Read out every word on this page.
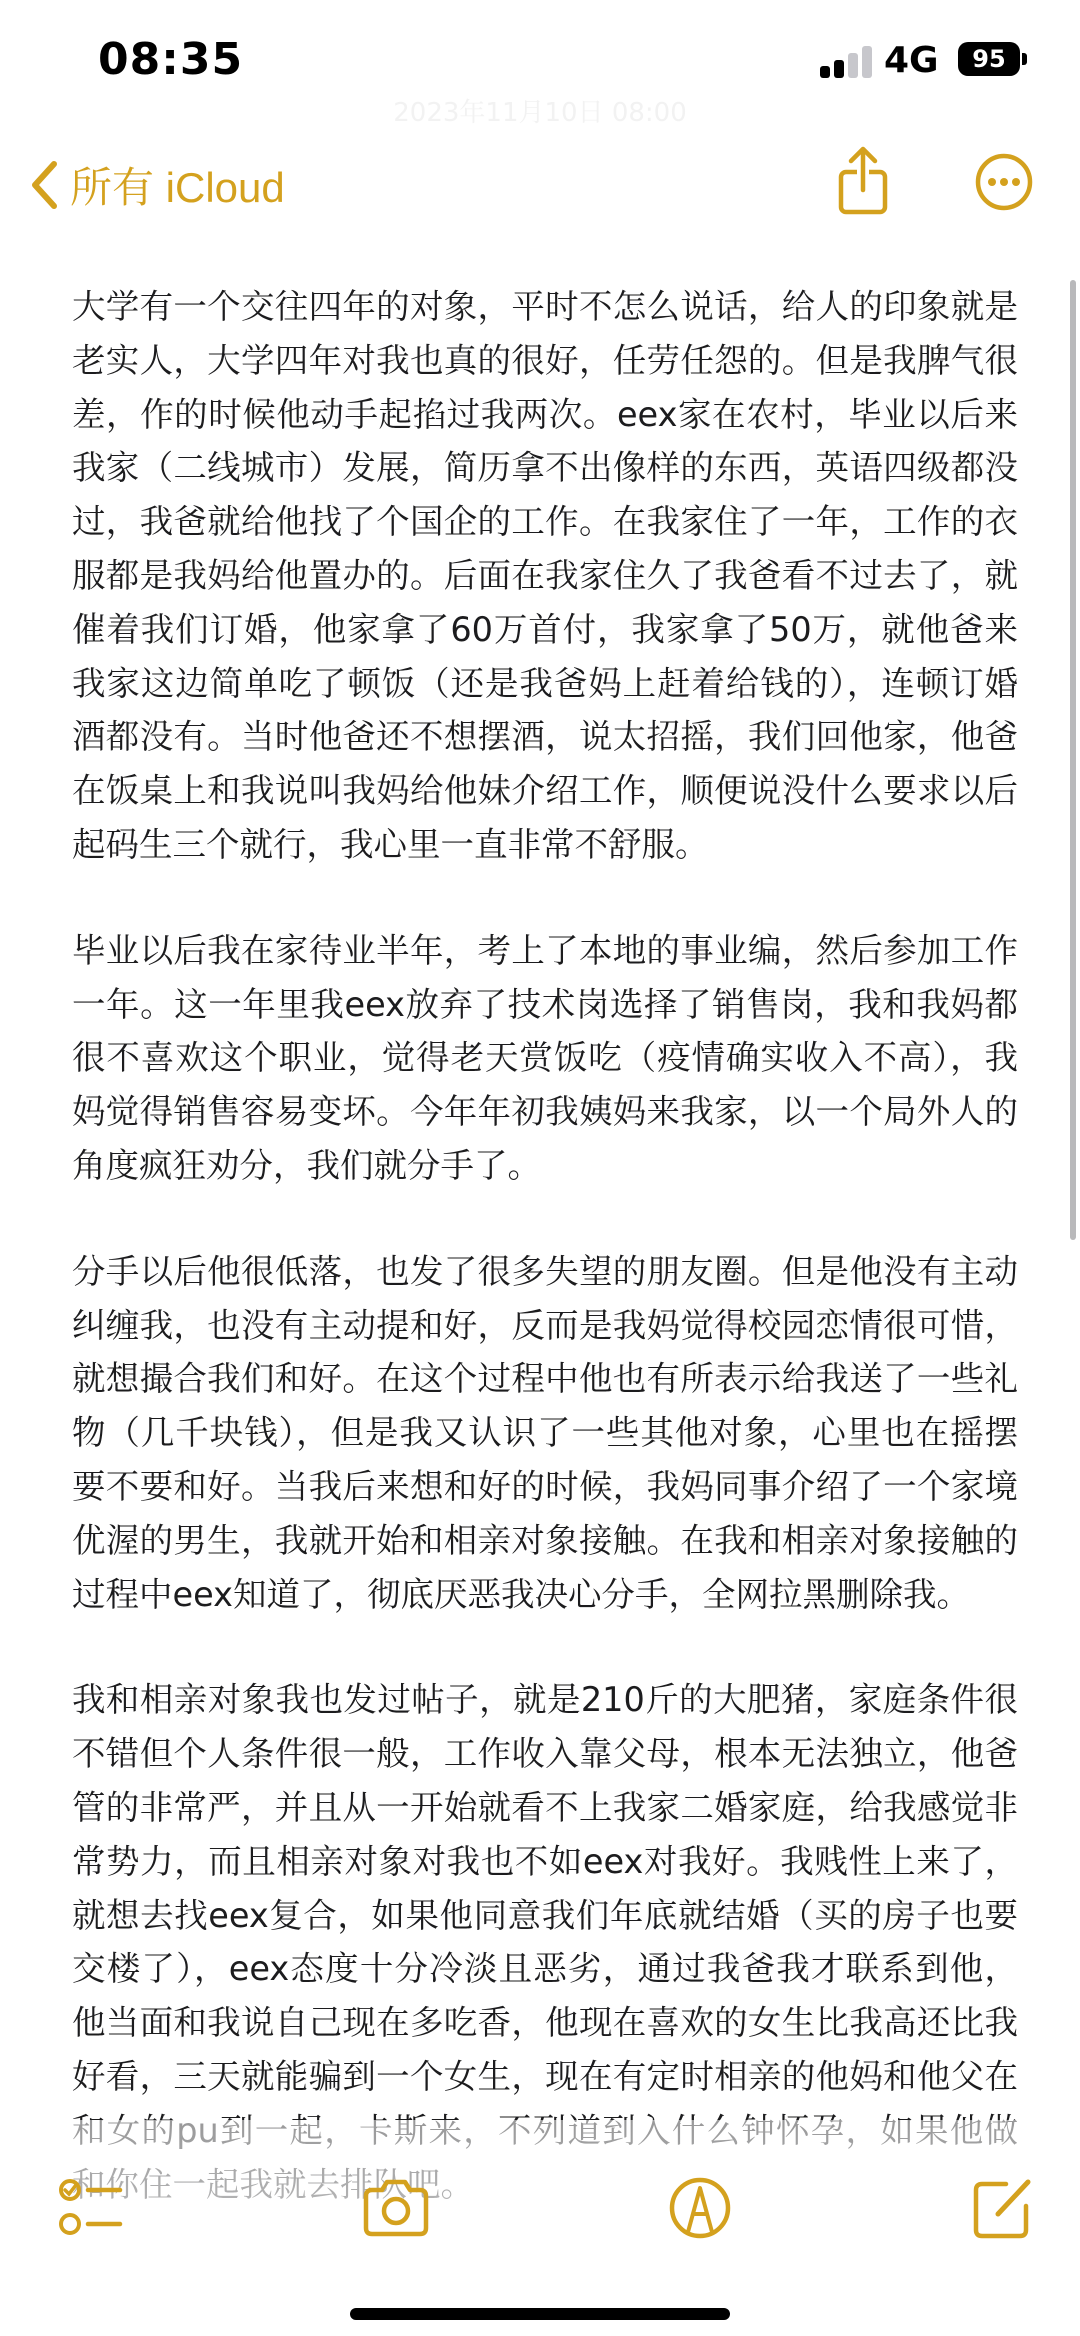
08:35	4G	95
2023年11月10日 08:00
所有 iCloud

大学有一个交往四年的对象，平时不怎么说话，给人的印象就是老实人，大学四年对我也真的很好，任劳任怨的。但是我脾气很差，作的时候他动手起掐过我两次。eex家在农村，毕业以后来我家（二线城市）发展，简历拿不出像样的东西，英语四级都没过，我爸就给他找了个国企的工作。在我家住了一年，工作的衣服都是我妈给他置办的。后面在我家住久了我爸看不过去了，就催着我们订婚，他家拿了60万首付，我家拿了50万，就他爸来我家这边简单吃了顿饭（还是我爸妈上赶着给钱的），连顿订婚酒都没有。当时他爸还不想摆酒，说太招摇，我们回他家，他爸在饭桌上和我说叫我妈给他妹介绍工作，顺便说没什么要求以后起码生三个就行，我心里一直非常不舒服。

毕业以后我在家待业半年，考上了本地的事业编，然后参加工作一年。这一年里我eex放弃了技术岗选择了销售岗，我和我妈都很不喜欢这个职业，觉得老天赏饭吃（疫情确实收入不高），我妈觉得销售容易变坏。今年年初我姨妈来我家，以一个局外人的角度疯狂劝分，我们就分手了。

分手以后他很低落，也发了很多失望的朋友圈。但是他没有主动纠缠我，也没有主动提和好，反而是我妈觉得校园恋情很可惜，就想撮合我们和好。在这个过程中他也有所表示给我送了一些礼物（几千块钱），但是我又认识了一些其他对象，心里也在摇摆要不要和好。当我后来想和好的时候，我妈同事介绍了一个家境优渥的男生，我就开始和相亲对象接触。在我和相亲对象接触的过程中eex知道了，彻底厌恶我决心分手，全网拉黑删除我。

我和相亲对象我也发过帖子，就是210斤的大肥猪，家庭条件很不错但个人条件很一般，工作收入靠父母，根本无法独立，他爸管的非常严，并且从一开始就看不上我家二婚家庭，给我感觉非常势力，而且相亲对象对我也不如eex对我好。我贱性上来了，就想去找eex复合，如果他同意我们年底就结婚（买的房子也要交楼了），eex态度十分冷淡且恶劣，通过我爸我才联系到他，他当面和我说自己现在多吃香，他现在喜欢的女生比我高还比我好看，三天就能骗到一个女生，现在有定时相亲的他妈和他父在
